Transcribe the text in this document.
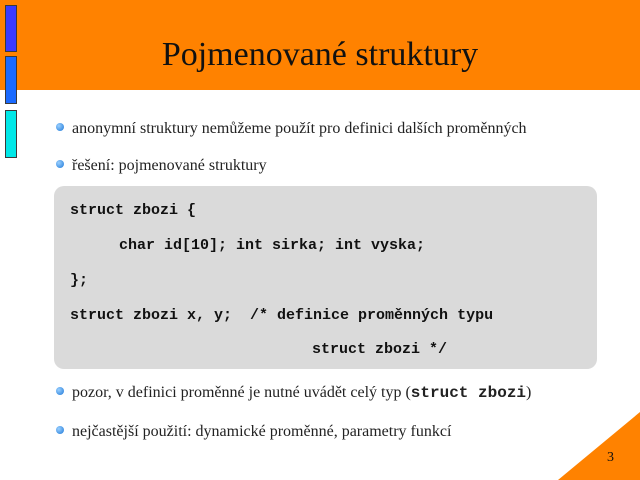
Pojmenované struktury
anonymní struktury nemůžeme použít pro definici dalších proměnných
řešení: pojmenované struktury
struct zbozi {
char id[10]; int sirka; int vyska;
};
struct zbozi x, y;  /* definice proměnných typu
struct zbozi */
pozor, v definici proměnné je nutné uvádět celý typ (struct zbozi)
nejčastější použití: dynamické proměnné, parametry funkcí
3
